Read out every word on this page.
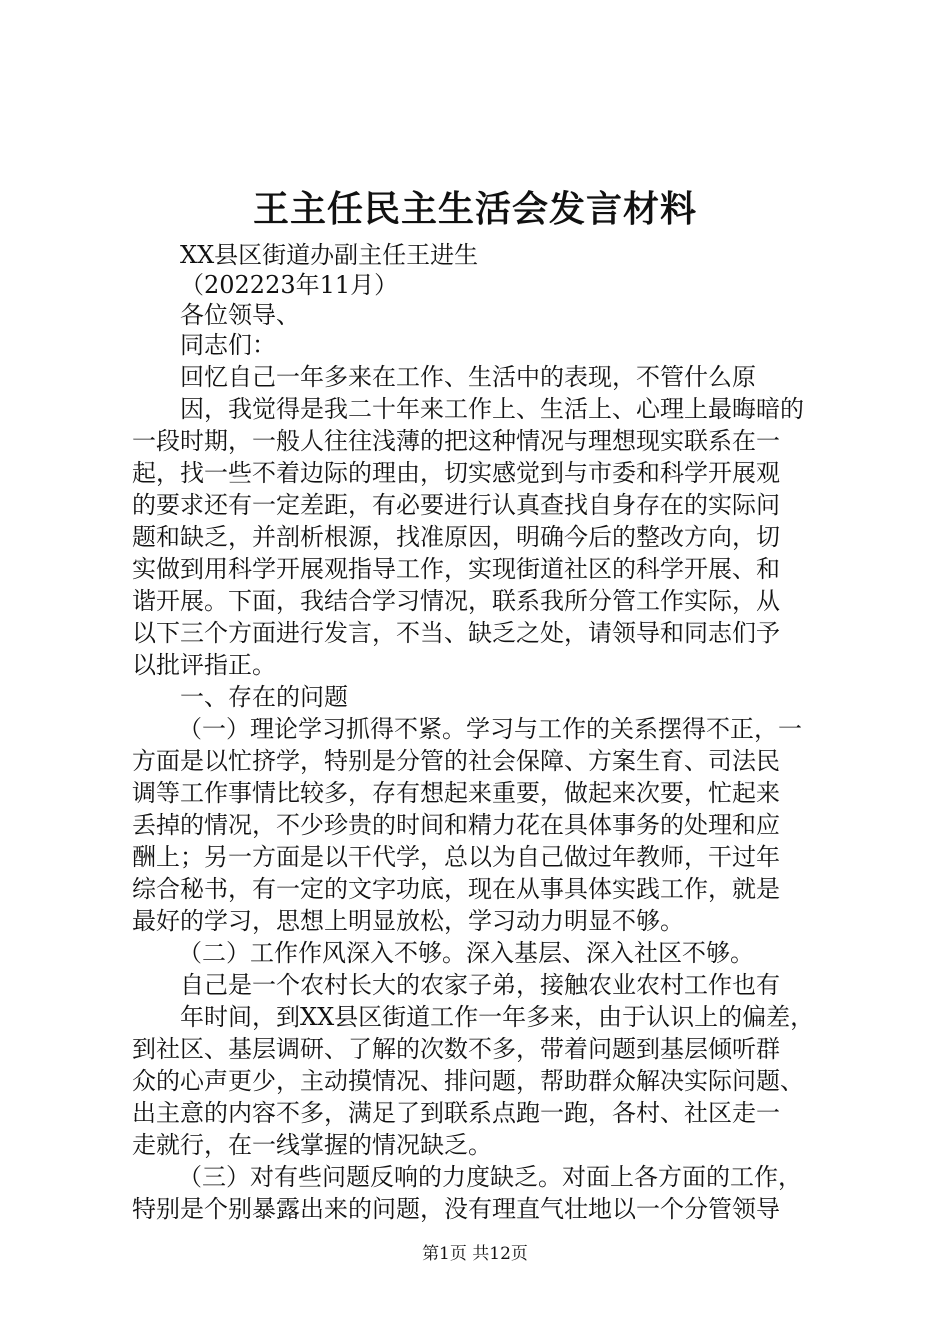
王主任民主生活会发言材料
XX县区街道办副主任王进生
（202223年11月）
各位领导、
同志们：
回忆自己一年多来在工作、生活中的表现，不管什么原
因，我觉得是我二十年来工作上、生活上、心理上最晦暗的
一段时期，一般人往往浅薄的把这种情况与理想现实联系在一
起，找一些不着边际的理由，切实感觉到与市委和科学开展观
的要求还有一定差距，有必要进行认真查找自身存在的实际问
题和缺乏，并剖析根源，找准原因，明确今后的整改方向，切
实做到用科学开展观指导工作，实现街道社区的科学开展、和
谐开展。下面，我结合学习情况，联系我所分管工作实际，从
以下三个方面进行发言，不当、缺乏之处，请领导和同志们予
以批评指正。
一、存在的问题
（一）理论学习抓得不紧。学习与工作的关系摆得不正，一
方面是以忙挤学，特别是分管的社会保障、方案生育、司法民
调等工作事情比较多，存有想起来重要，做起来次要，忙起来
丢掉的情况，不少珍贵的时间和精力花在具体事务的处理和应
酬上；另一方面是以干代学，总以为自己做过年教师，干过年
综合秘书，有一定的文字功底，现在从事具体实践工作，就是
最好的学习，思想上明显放松，学习动力明显不够。
（二）工作作风深入不够。深入基层、深入社区不够。
自己是一个农村长大的农家子弟，接触农业农村工作也有
年时间，到XX县区街道工作一年多来，由于认识上的偏差，
到社区、基层调研、了解的次数不多，带着问题到基层倾听群
众的心声更少，主动摸情况、排问题，帮助群众解决实际问题、
出主意的内容不多，满足了到联系点跑一跑，各村、社区走一
走就行，在一线掌握的情况缺乏。
（三）对有些问题反响的力度缺乏。对面上各方面的工作，
特别是个别暴露出来的问题，没有理直气壮地以一个分管领导
第1页 共12页
